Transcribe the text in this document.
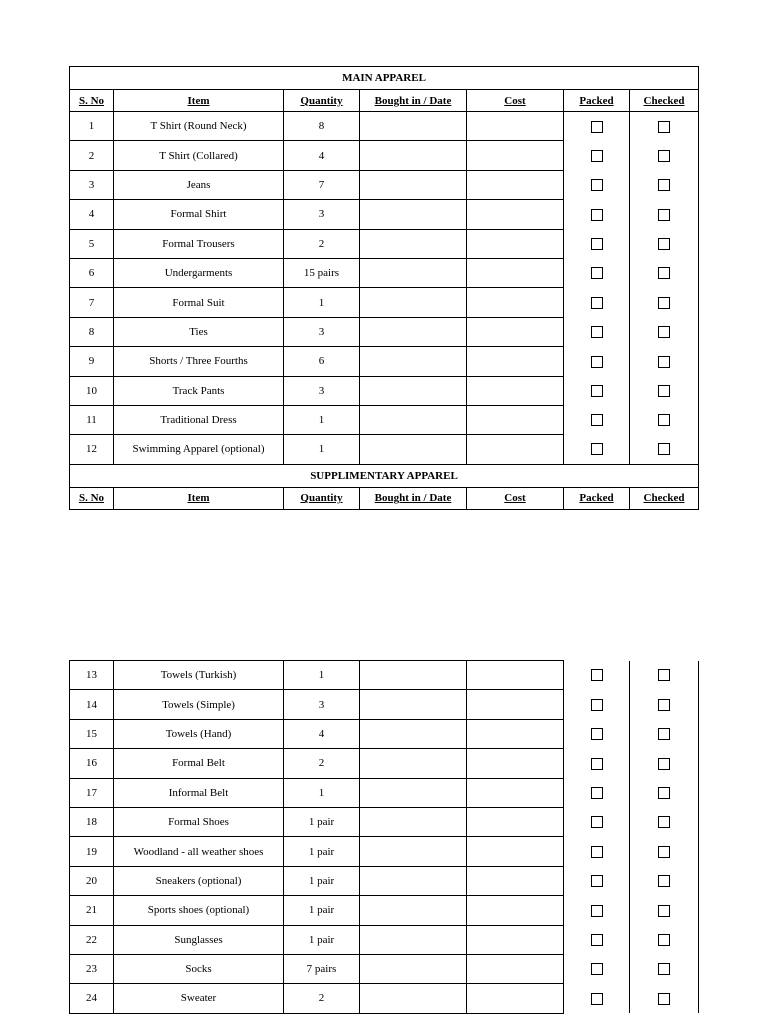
MAIN APPAREL						
S. No	Item	Quantity	Bought in / Date	Cost	Packed	Checked
1	T Shirt (Round Neck)	8				
2	T Shirt (Collared)	4				
3	Jeans	7				
4	Formal Shirt	3				
5	Formal Trousers	2				
6	Undergarments	15 pairs				
7	Formal Suit	1				
8	Ties	3				
9	Shorts / Three Fourths	6				
10	Track Pants	3				
11	Traditional Dress	1				
12	Swimming Apparel (optional)	1				
SUPPLIMENTARY APPAREL						
S. No	Item	Quantity	Bought in / Date	Cost	Packed	Checked
13	Towels (Turkish)	1				
14	Towels (Simple)	3				
15	Towels (Hand)	4				
16	Formal Belt	2				
17	Informal Belt	1				
18	Formal Shoes	1 pair				
19	Woodland - all weather shoes	1 pair				
20	Sneakers (optional)	1 pair				
21	Sports shoes (optional)	1 pair				
22	Sunglasses	1 pair				
23	Socks	7 pairs				
24	Sweater	2				
